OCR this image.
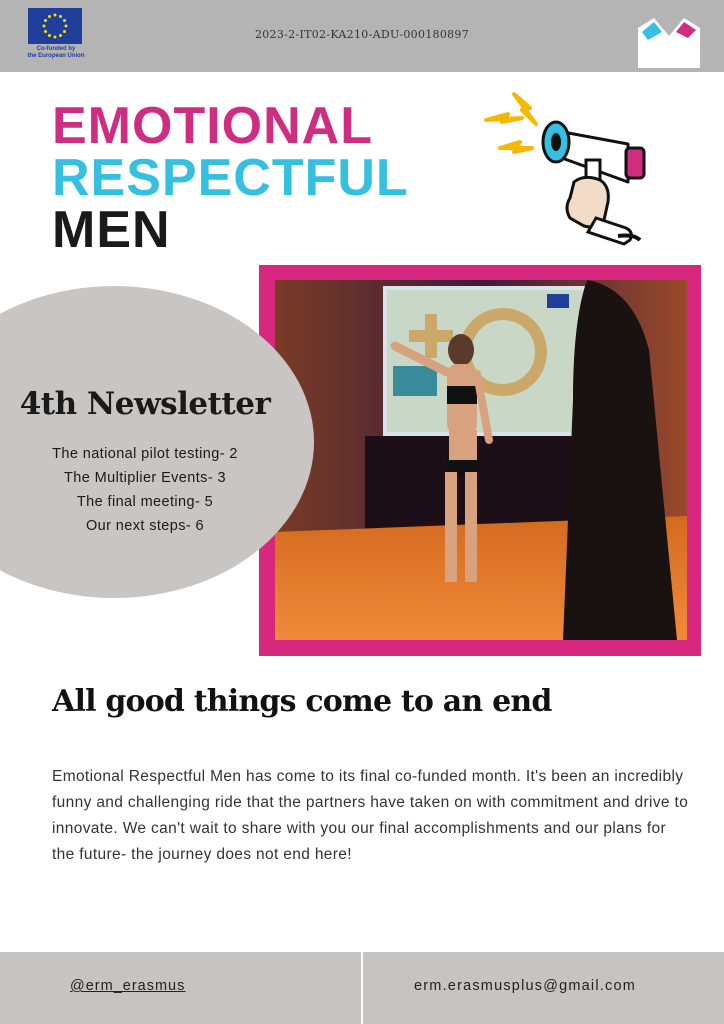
Co-funded by
the European Union
2023-2-IT02-KA210-ADU-000180897
EMOTIONAL
RESPECTFUL
MEN
4th Newsletter
The national pilot testing- 2
The Multiplier Events- 3
The final meeting- 5
Our next steps- 6
All good things come to an end
Emotional Respectful Men has come to its final co-funded month. It's been an incredibly funny and challenging ride that the partners have taken on with commitment and drive to innovate. We can't wait to share with you our final accomplishments and our plans for the future- the journey does not end here!
@erm_erasmus	erm.erasmusplus@gmail.com
